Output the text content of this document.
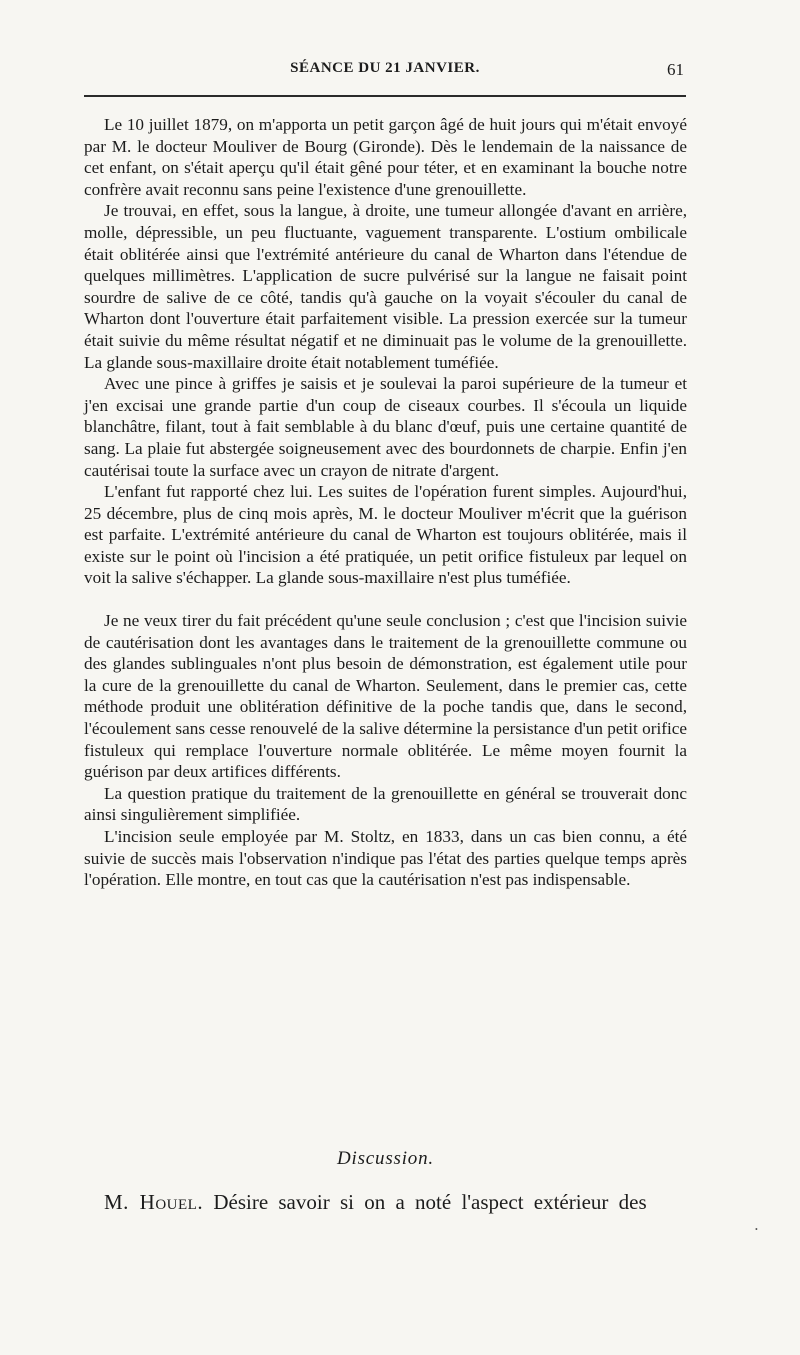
SÉANCE DU 21 JANVIER.	61

Le 10 juillet 1879, on m'apporta un petit garçon âgé de huit jours qui m'était envoyé par M. le docteur Mouliver de Bourg (Gironde). Dès le lendemain de la naissance de cet enfant, on s'était aperçu qu'il était gêné pour téter, et en examinant la bouche notre confrère avait reconnu sans peine l'existence d'une grenouillette.

Je trouvai, en effet, sous la langue, à droite, une tumeur allongée d'avant en arrière, molle, dépressible, un peu fluctuante, vaguement transparente. L'ostium ombilicale était oblitérée ainsi que l'extrémité antérieure du canal de Wharton dans l'étendue de quelques millimètres. L'application de sucre pulvérisé sur la langue ne faisait point sourdre de salive de ce côté, tandis qu'à gauche on la voyait s'écouler du canal de Wharton dont l'ouverture était parfaitement visible. La pression exercée sur la tumeur était suivie du même résultat négatif et ne diminuait pas le volume de la grenouillette. La glande sous-maxillaire droite était notablement tuméfiée.

Avec une pince à griffes je saisis et je soulevai la paroi supérieure de la tumeur et j'en excisai une grande partie d'un coup de ciseaux courbes. Il s'écoula un liquide blanchâtre, filant, tout à fait semblable à du blanc d'œuf, puis une certaine quantité de sang. La plaie fut abstergée soigneusement avec des bourdonnets de charpie. Enfin j'en cautérisai toute la surface avec un crayon de nitrate d'argent.

L'enfant fut rapporté chez lui. Les suites de l'opération furent simples. Aujourd'hui, 25 décembre, plus de cinq mois après, M. le docteur Mouliver m'écrit que la guérison est parfaite. L'extrémité antérieure du canal de Wharton est toujours oblitérée, mais il existe sur le point où l'incision a été pratiquée, un petit orifice fistuleux par lequel on voit la salive s'échapper. La glande sous-maxillaire n'est plus tuméfiée.

Je ne veux tirer du fait précédent qu'une seule conclusion ; c'est que l'incision suivie de cautérisation dont les avantages dans le traitement de la grenouillette commune ou des glandes sublinguales n'ont plus besoin de démonstration, est également utile pour la cure de la grenouillette du canal de Wharton. Seulement, dans le premier cas, cette méthode produit une oblitération définitive de la poche tandis que, dans le second, l'écoulement sans cesse renouvelé de la salive détermine la persistance d'un petit orifice fistuleux qui remplace l'ouverture normale oblitérée. Le même moyen fournit la guérison par deux artifices différents.

La question pratique du traitement de la grenouillette en général se trouverait donc ainsi singulièrement simplifiée.

L'incision seule employée par M. Stoltz, en 1833, dans un cas bien connu, a été suivie de succès mais l'observation n'indique pas l'état des parties quelque temps après l'opération. Elle montre, en tout cas que la cautérisation n'est pas indispensable.

Discussion.
M. Houel. Désire savoir si on a noté l'aspect extérieur des
•
